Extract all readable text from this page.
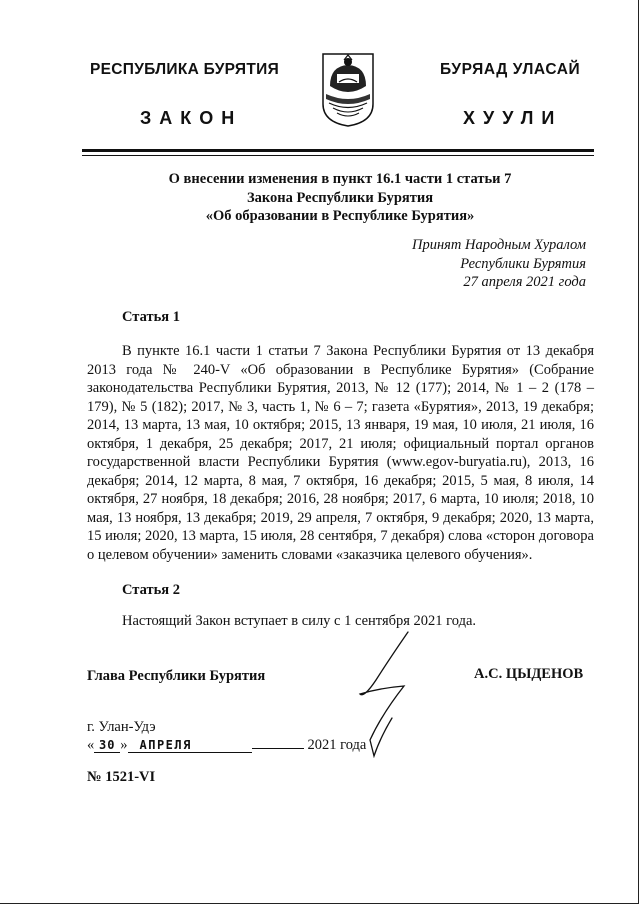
РЕСПУБЛИКА БУРЯТИЯ	БУРЯАД УЛАСАЙ
ЗАКОН	ХУУЛИ
О внесении изменения в пункт 16.1 части 1 статьи 7
Закона Республики Бурятия
«Об образовании в Республике Бурятия»
Принят Народным Хуралом
Республики Бурятия
27 апреля 2021 года
Статья 1
В пункте 16.1 части 1 статьи 7 Закона Республики Бурятия от 13 декабря 2013 года № 240-V «Об образовании в Республике Бурятия» (Собрание законодательства Республики Бурятия, 2013, № 12 (177); 2014, № 1 – 2 (178 – 179), № 5 (182); 2017, № 3, часть 1, № 6 – 7; газета «Бурятия», 2013, 19 декабря; 2014, 13 марта, 13 мая, 10 октября; 2015, 13 января, 19 мая, 10 июля, 21 июля, 16 октября, 1 декабря, 25 декабря; 2017, 21 июля; официальный портал органов государственной власти Республики Бурятия (www.egov-buryatia.ru), 2013, 16 декабря; 2014, 12 марта, 8 мая, 7 октября, 16 декабря; 2015, 5 мая, 8 июля, 14 октября, 27 ноября, 18 декабря; 2016, 28 ноября; 2017, 6 марта, 10 июля; 2018, 10 мая, 13 ноября, 13 декабря; 2019, 29 апреля, 7 октября, 9 декабря; 2020, 13 марта, 15 июля; 2020, 13 марта, 15 июля, 28 сентября, 7 декабря) слова «сторон договора о целевом обучении» заменить словами «заказчика целевого обучения».
Статья 2
Настоящий Закон вступает в силу с 1 сентября 2021 года.
Глава Республики Бурятия	А.С. ЦЫДЕНОВ
г. Улан-Удэ
« 30 » АПРЕЛЯ	2021 года
№ 1521-VI
